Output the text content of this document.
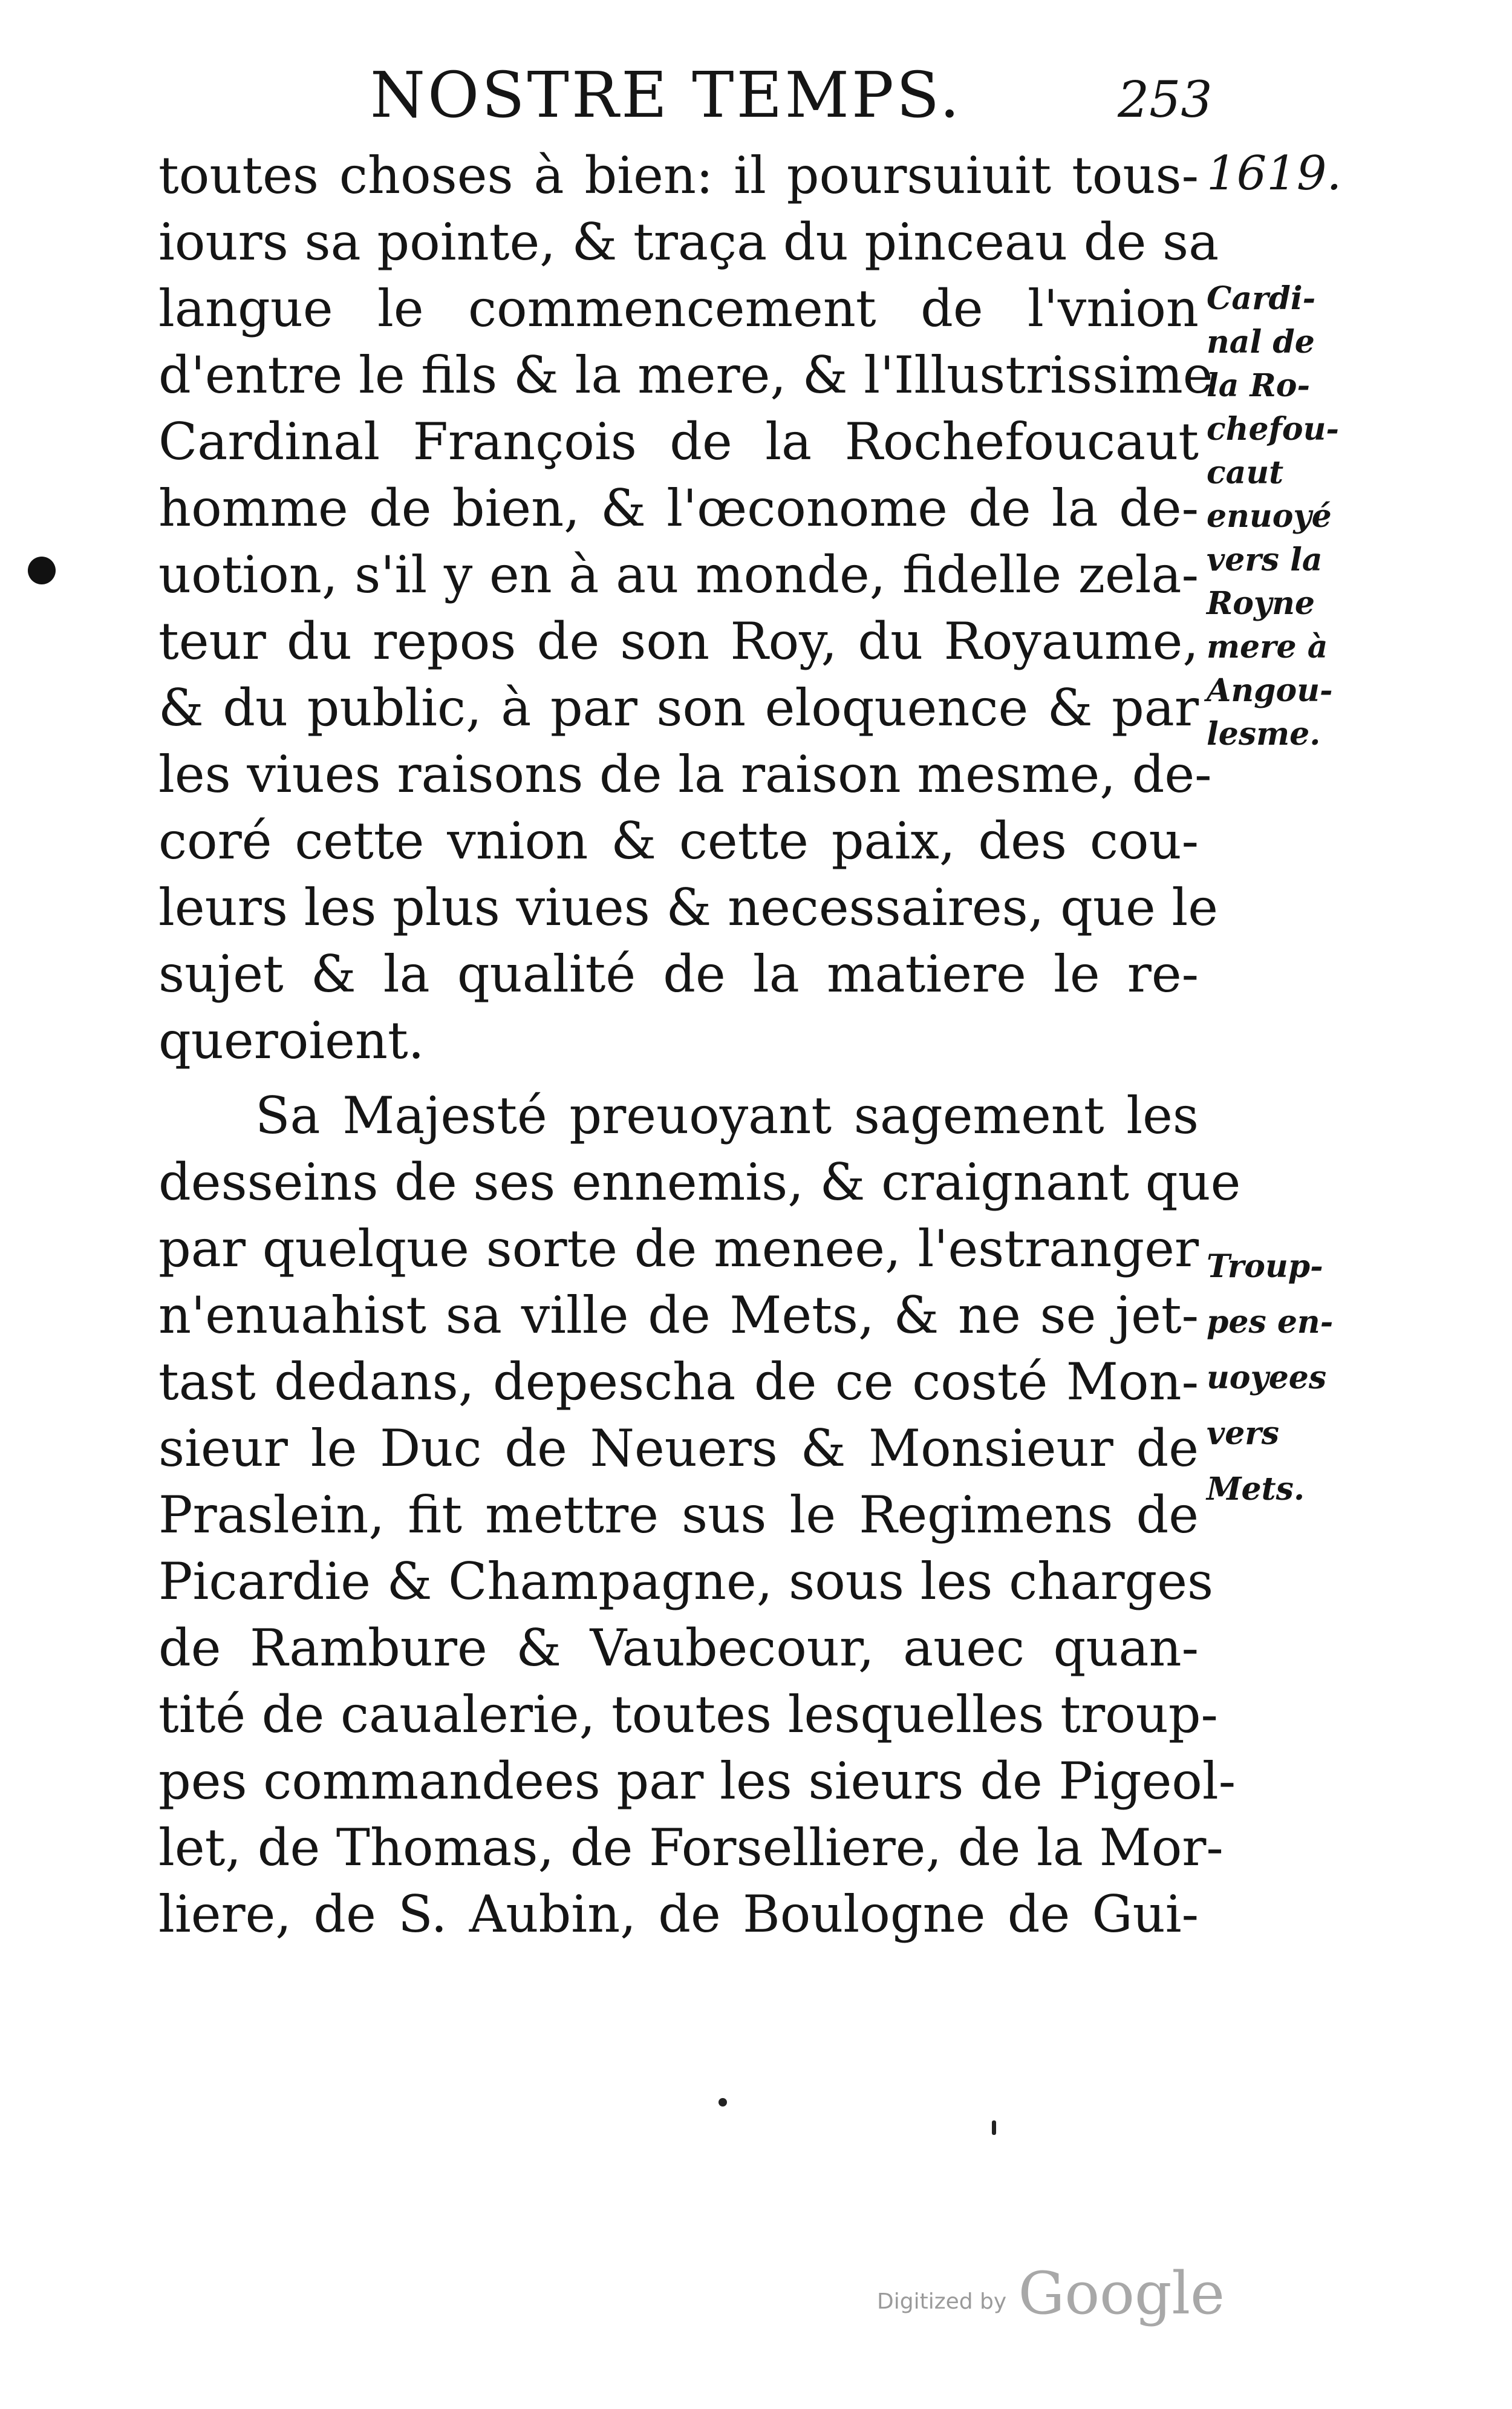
NOSTRE TEMPS.	253
1619.
toutes choses à bien: il poursuiuit tous-
iours sa pointe, & traça du pinceau de sa
langue le commencement de l'vnion
d'entre le fils & la mere, & l'Illustrissime
Cardinal François de la Rochefoucaut
homme de bien, & l'œconome de la de-
uotion, s'il y en à au monde, fidelle zela-
teur du repos de son Roy, du Royaume,
& du public, à par son eloquence & par
les viues raisons de la raison mesme, de-
coré cette vnion & cette paix, des cou-
leurs les plus viues & necessaires, que le
sujet & la qualité de la matiere le re-
queroient.
Sa Majesté preuoyant sagement les
desseins de ses ennemis, & craignant que
par quelque sorte de menee, l'estranger
n'enuahist sa ville de Mets, & ne se jet-
tast dedans, depescha de ce costé Mon-
sieur le Duc de Neuers & Monsieur de
Praslein, fit mettre sus le Regimens de
Picardie & Champagne, sous les charges
de Rambure & Vaubecour, auec quan-
tité de caualerie, toutes lesquelles troup-
pes commandees par les sieurs de Pigeol-
let, de Thomas, de Forselliere, de la Mor-
liere, de S. Aubin, de Boulogne de Gui-
Cardi-
nal de
la Ro-
chefou-
caut
enuoyé
vers la
Royne
mere à
Angou-
lesme.
Troup-
pes en-
uoyees
vers
Mets.
Digitized by Google
